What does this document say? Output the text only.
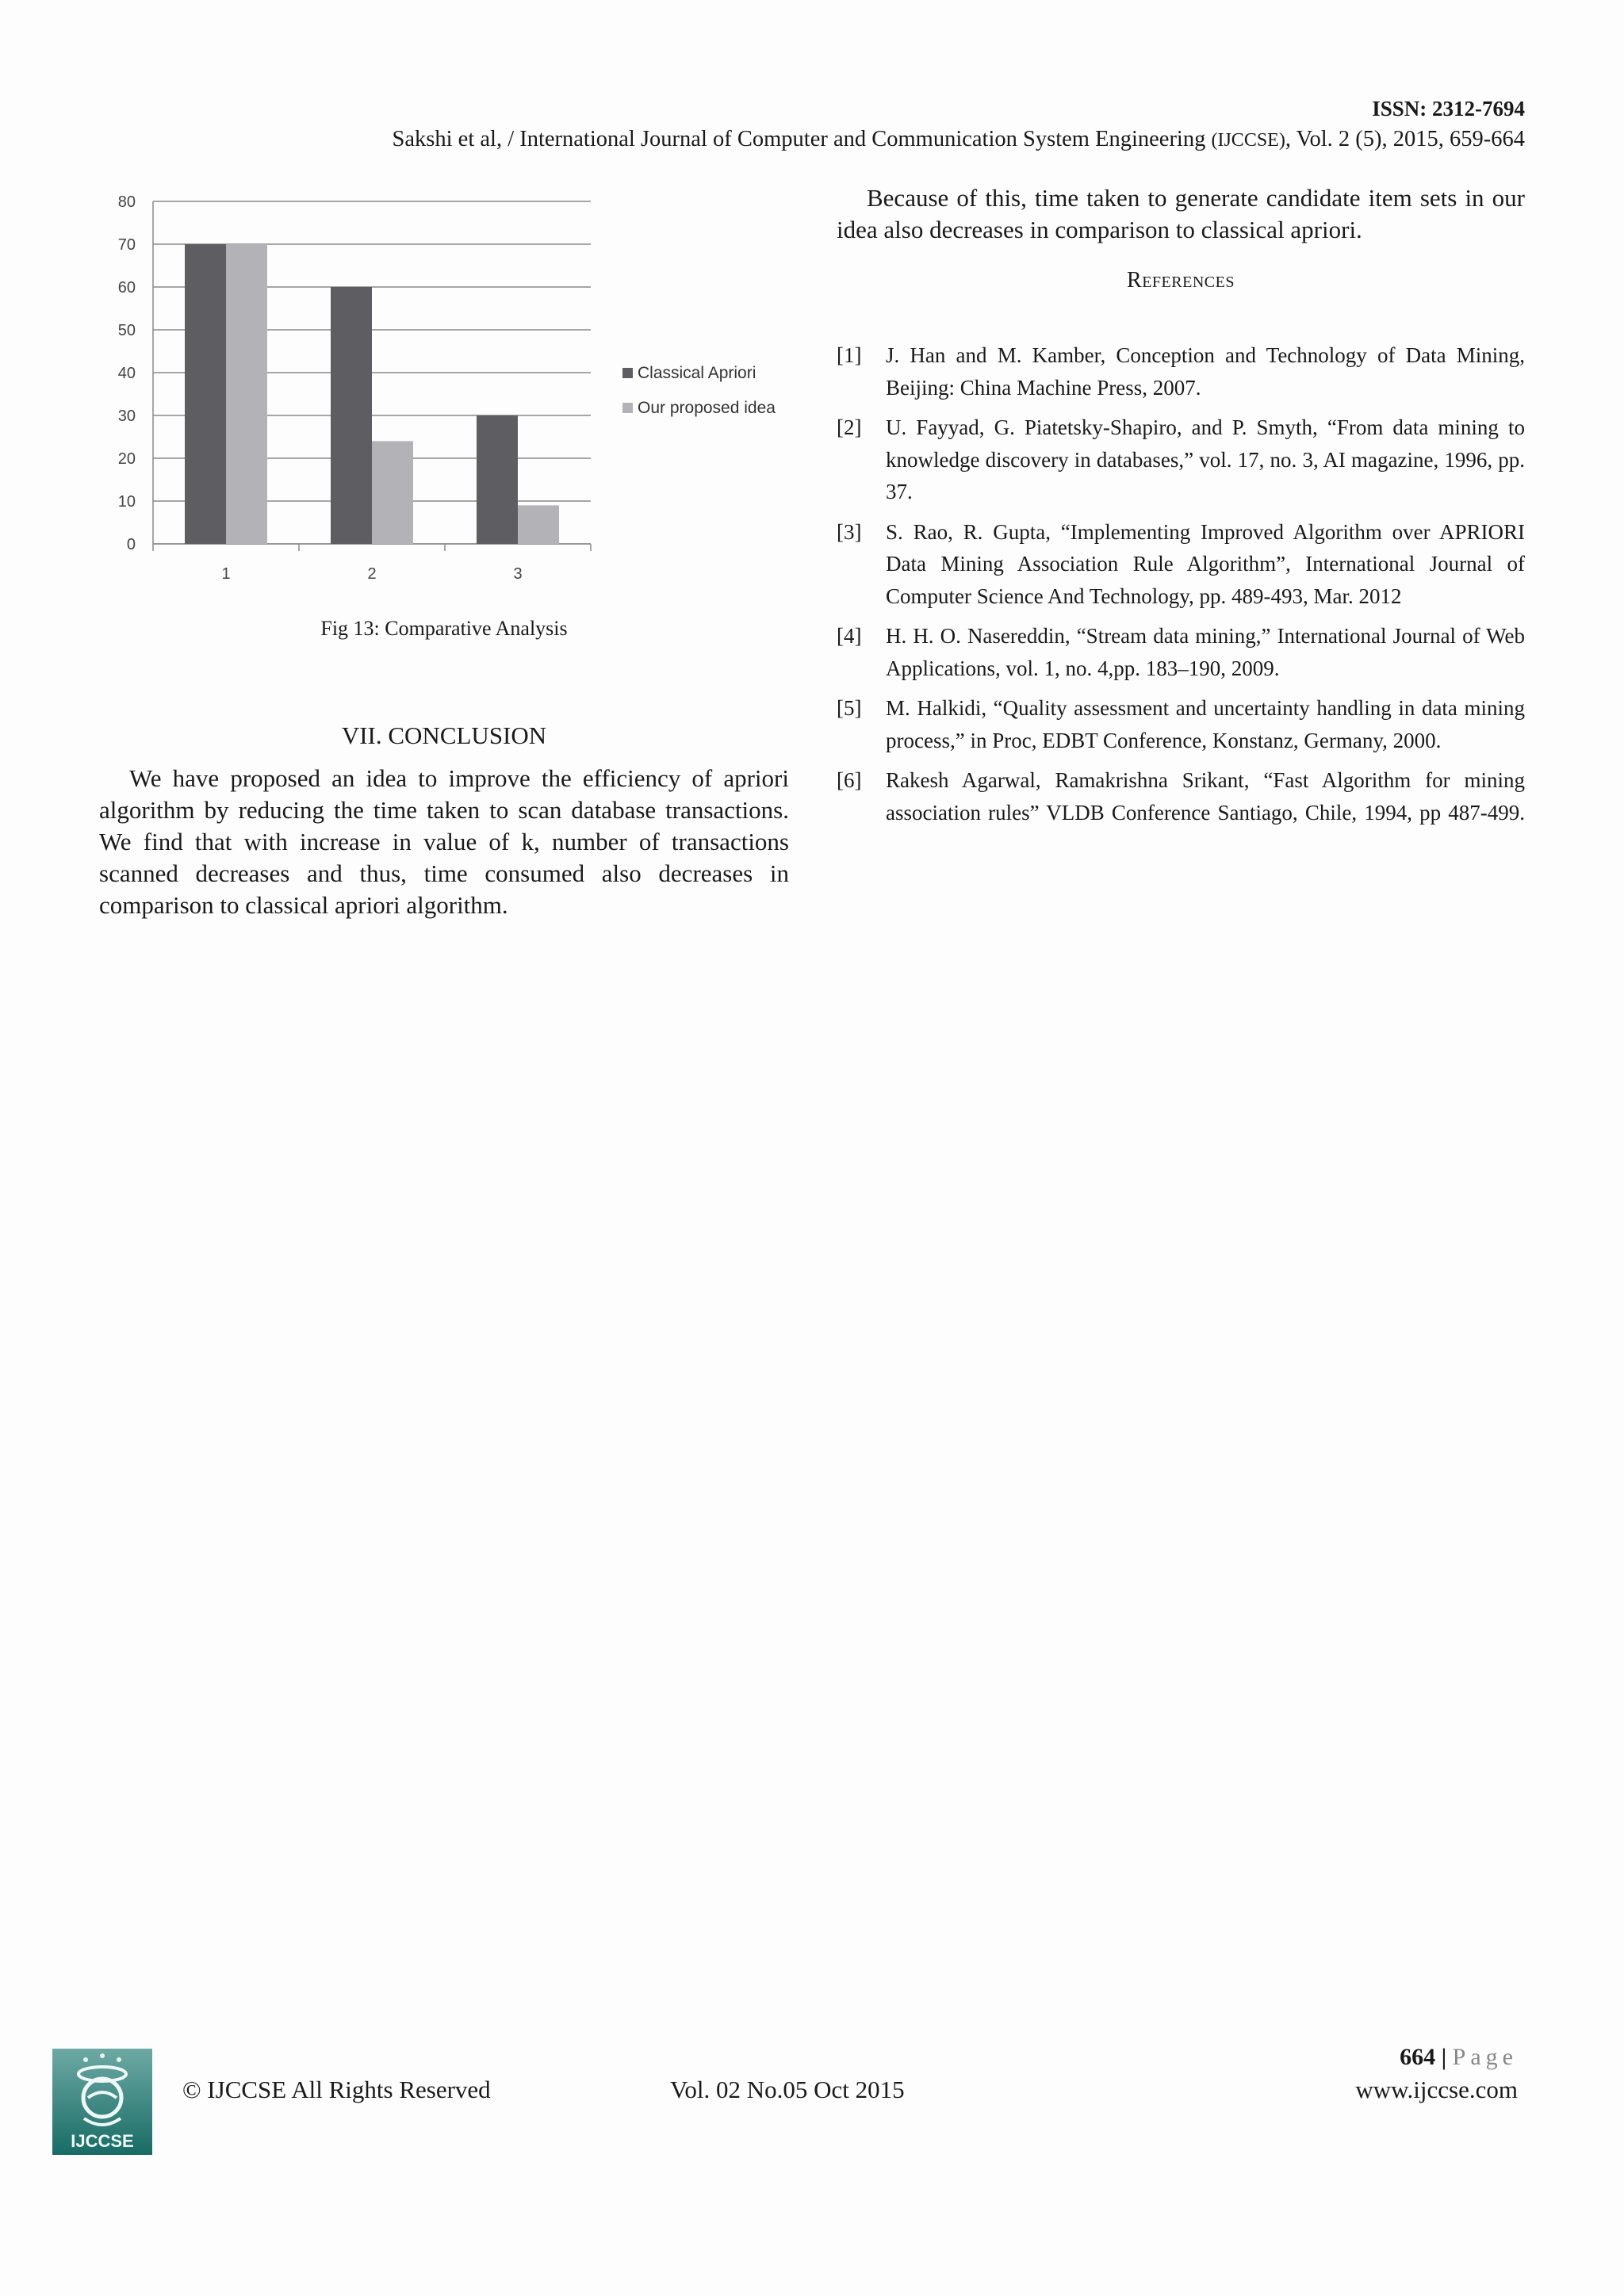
ISSN: 2312-7694
Sakshi et al, / International Journal of Computer and Communication System Engineering (IJCCSE), Vol. 2 (5), 2015, 659-664
0
10
20
30
40
50
60
70
80
1	2	3
Classical Apriori
Our proposed idea
Fig 13: Comparative Analysis
VII. CONCLUSION
We have proposed an idea to improve the efficiency of apriori algorithm by reducing the time taken to scan database transactions. We find that with increase in value of k, number of transactions scanned decreases and thus, time consumed also decreases in comparison to classical apriori algorithm.
Because of this, time taken to generate candidate item sets in our idea also decreases in comparison to classical apriori.
References
[1]	J. Han and M. Kamber, Conception and Technology of Data Mining, Beijing: China Machine Press, 2007.
[2]	U. Fayyad, G. Piatetsky-Shapiro, and P. Smyth, “From data mining to knowledge discovery in databases,” vol. 17, no. 3, AI magazine, 1996, pp. 37.
[3]	S. Rao, R. Gupta, “Implementing Improved Algorithm over APRIORI Data Mining Association Rule Algorithm”, International Journal of Computer Science And Technology, pp. 489-493, Mar. 2012
[4]	H. H. O. Nasereddin, “Stream data mining,” International Journal of Web Applications, vol. 1, no. 4,pp. 183–190, 2009.
[5]	M. Halkidi, “Quality assessment and uncertainty handling in data mining process,” in Proc, EDBT Conference, Konstanz, Germany, 2000.
[6]	Rakesh Agarwal, Ramakrishna Srikant, “Fast Algorithm for mining association rules” VLDB Conference Santiago, Chile, 1994, pp 487-499.
IJCCSE
664 | Page
© IJCCSE All Rights Reserved	Vol. 02 No.05 Oct 2015	www.ijccse.com
